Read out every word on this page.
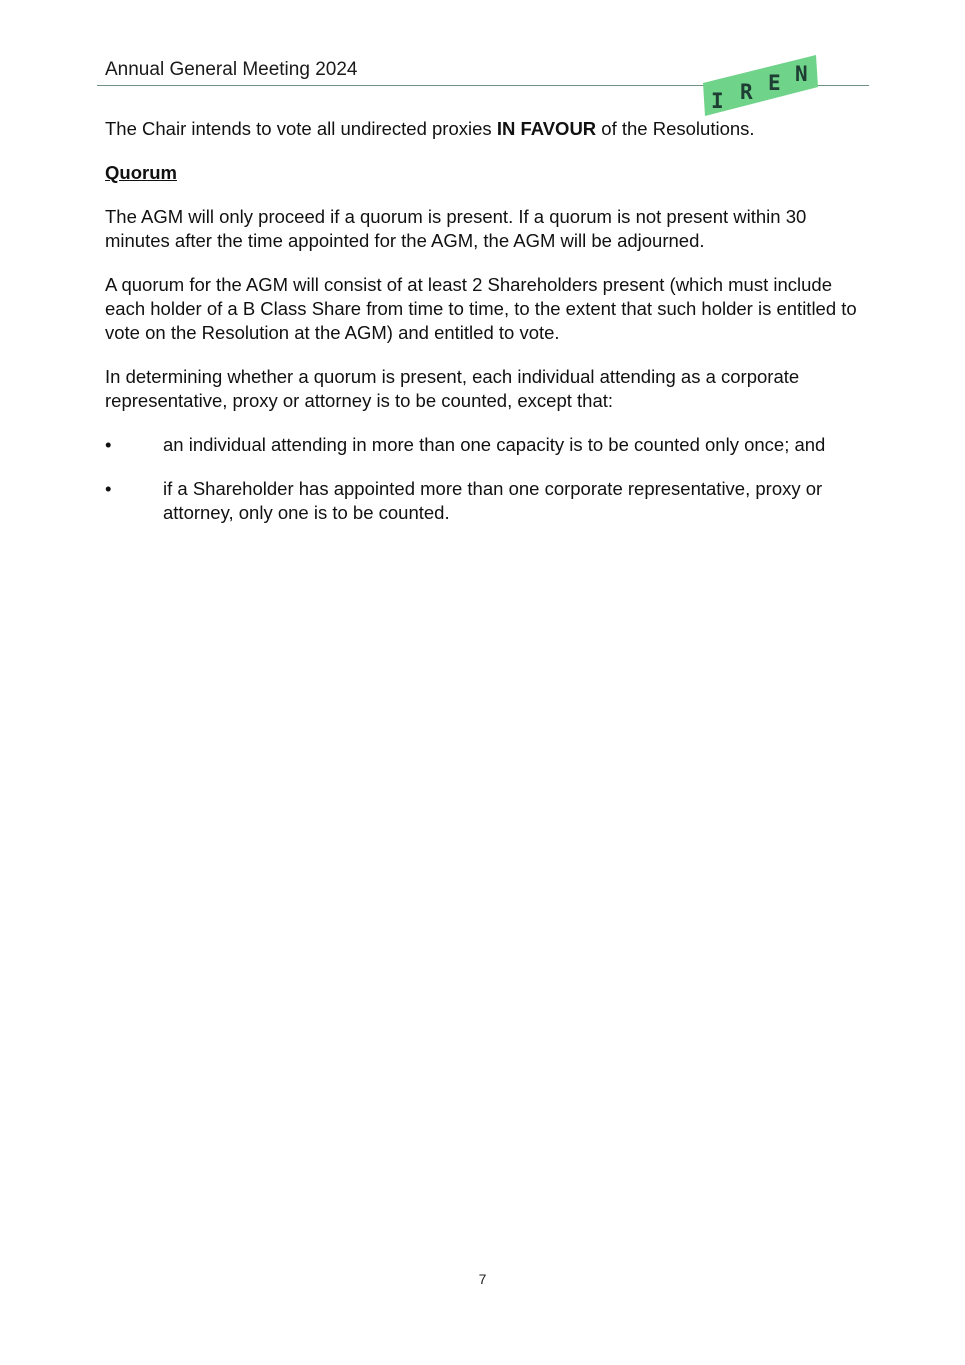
Annual General Meeting 2024
I R E N

The Chair intends to vote all undirected proxies IN FAVOUR of the Resolutions.

Quorum

The AGM will only proceed if a quorum is present. If a quorum is not present within 30 minutes after the time appointed for the AGM, the AGM will be adjourned.

A quorum for the AGM will consist of at least 2 Shareholders present (which must include each holder of a B Class Share from time to time, to the extent that such holder is entitled to vote on the Resolution at the AGM) and entitled to vote.

In determining whether a quorum is present, each individual attending as a corporate representative, proxy or attorney is to be counted, except that:

•	an individual attending in more than one capacity is to be counted only once; and
•	if a Shareholder has appointed more than one corporate representative, proxy or attorney, only one is to be counted.
7
